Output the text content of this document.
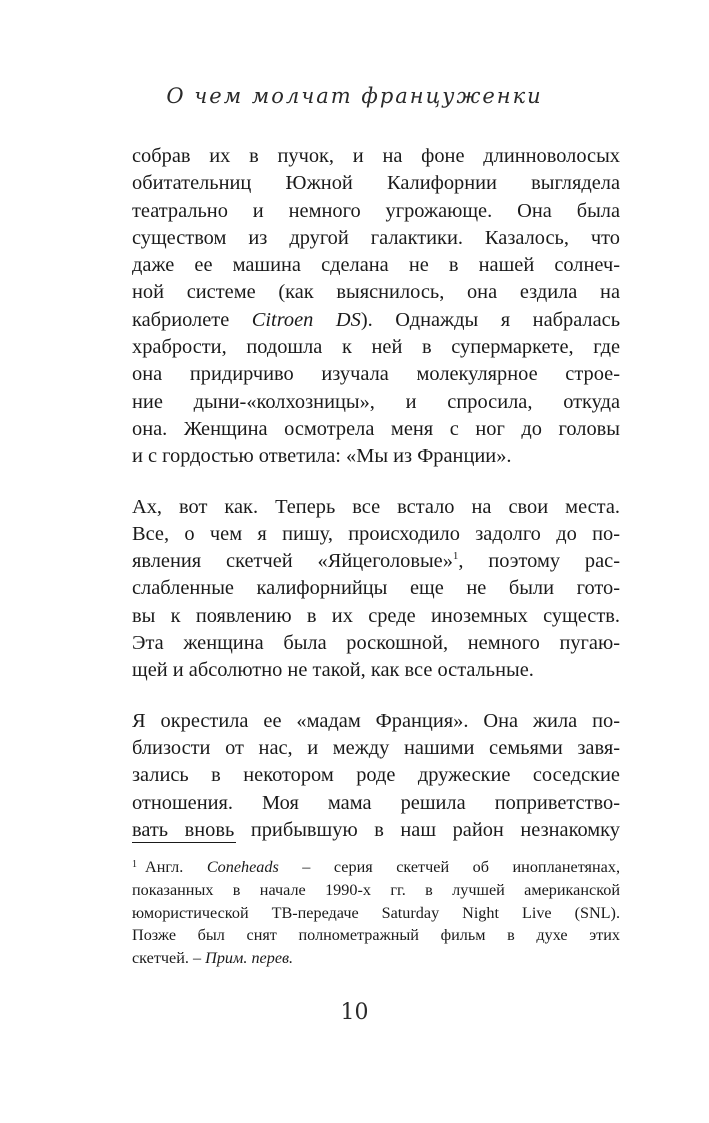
О чем молчат француженки
собрав их в пучок, и на фоне длинноволосых
обитательниц Южной Калифорнии выглядела
театрально и немного угрожающе. Она была
существом из другой галактики. Казалось, что
даже ее машина сделана не в нашей солнеч-
ной системе (как выяснилось, она ездила на
кабриолете Citroen DS). Однажды я набралась
храбрости, подошла к ней в супермаркете, где
она придирчиво изучала молекулярное строе-
ние дыни-«колхозницы», и спросила, откуда
она. Женщина осмотрела меня с ног до головы
и с гордостью ответила: «Мы из Франции».
Ах, вот как. Теперь все встало на свои места.
Все, о чем я пишу, происходило задолго до по-
явления скетчей «Яйцеголовые»$^1$, поэтому рас-
слабленные калифорнийцы еще не были гото-
вы к появлению в их среде иноземных существ.
Эта женщина была роскошной, немного пугаю-
щей и абсолютно не такой, как все остальные.
Я окрестила ее «мадам Франция». Она жила по-
близости от нас, и между нашими семьями завя-
зались в некотором роде дружеские соседские
отношения. Моя мама решила поприветство-
вать вновь прибывшую в наш район незнакомку
$^1$ Англ. Coneheads – серия скетчей об инопланетянах,
показанных в начале 1990-х гг. в лучшей американской
юмористической ТВ-передаче Saturday Night Live (SNL).
Позже был снят полнометражный фильм в духе этих
скетчей. – Прим. перев.
10
